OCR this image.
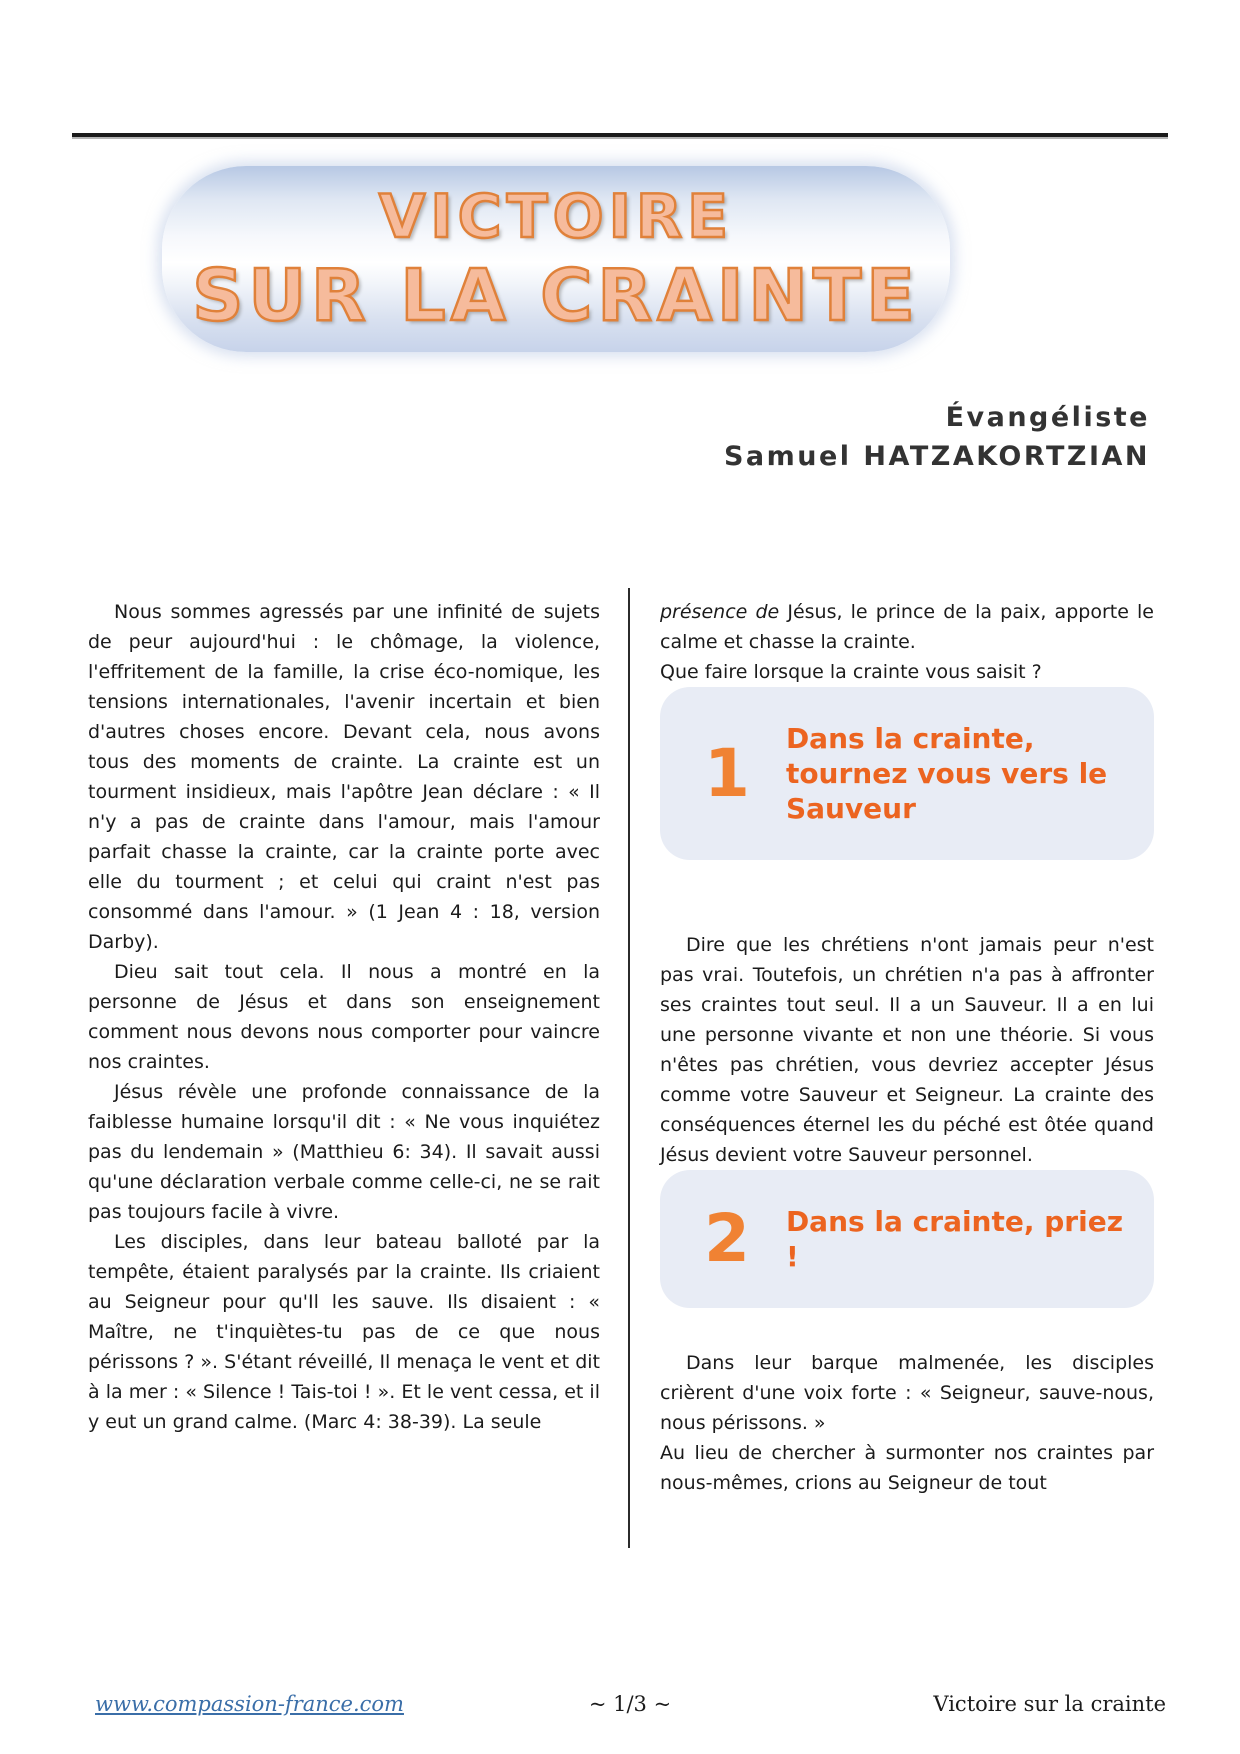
VICTOIRE
SUR LA CRAINTE
Évangéliste
Samuel HATZAKORTZIAN

Nous sommes agressés par une infinité de sujets de peur aujourd'hui : le chômage, la violence, l'effritement de la famille, la crise éco-nomique, les tensions internationales, l'avenir incertain et bien d'autres choses encore. Devant cela, nous avons tous des moments de crainte. La crainte est un tourment insidieux, mais l'apôtre Jean déclare : « Il n'y a pas de crainte dans l'amour, mais l'amour parfait chasse la crainte, car la crainte porte avec elle du tourment ; et celui qui craint n'est pas consommé dans l'amour. » (1 Jean 4 : 18, version Darby).

Dieu sait tout cela. Il nous a montré en la personne de Jésus et dans son enseignement comment nous devons nous comporter pour vaincre nos craintes.

Jésus révèle une profonde connaissance de la faiblesse humaine lorsqu'il dit : « Ne vous inquiétez pas du lendemain » (Matthieu 6: 34). Il savait aussi qu'une déclaration verbale comme celle-ci, ne se rait pas toujours facile à vivre.

Les disciples, dans leur bateau balloté par la tempête, étaient paralysés par la crainte. Ils criaient au Seigneur pour qu'Il les sauve. Ils disaient : « Maître, ne t'inquiètes-tu pas de ce que nous périssons ? ». S'étant réveillé, Il menaça le vent et dit à la mer : « Silence ! Tais-toi ! ». Et le vent cessa, et il y eut un grand calme. (Marc 4: 38-39). La seule

présence de Jésus, le prince de la paix, apporte le calme et chasse la crainte.

Que faire lorsque la crainte vous saisit ?

1 Dans la crainte, tournez vous vers le Sauveur

Dire que les chrétiens n'ont jamais peur n'est pas vrai. Toutefois, un chrétien n'a pas à affronter ses craintes tout seul. Il a un Sauveur. Il a en lui une personne vivante et non une théorie. Si vous n'êtes pas chrétien, vous devriez accepter Jésus comme votre Sauveur et Seigneur. La crainte des conséquences éternel les du péché est ôtée quand Jésus devient votre Sauveur personnel.

2 Dans la crainte, priez !

Dans leur barque malmenée, les disciples crièrent d'une voix forte : « Seigneur, sauve-nous, nous périssons. »

Au lieu de chercher à surmonter nos craintes par nous-mêmes, crions au Seigneur de tout

www.compassion-france.com	~ 1/3 ~	Victoire sur la crainte
